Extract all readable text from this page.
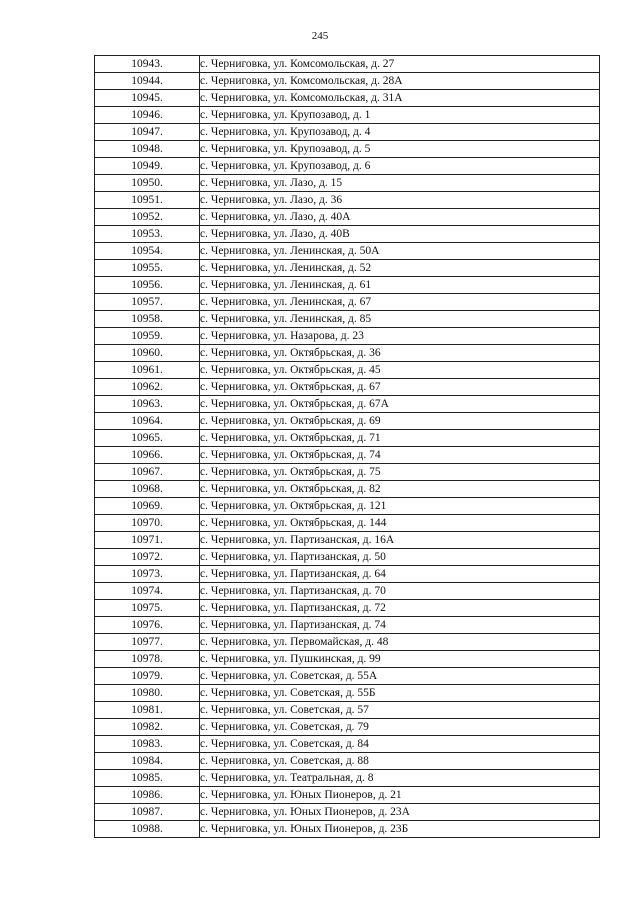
245
10943.	с. Черниговка, ул. Комсомольская, д. 27
10944.	с. Черниговка, ул. Комсомольская, д. 28А
10945.	с. Черниговка, ул. Комсомольская, д. 31А
10946.	с. Черниговка, ул. Крупозавод, д. 1
10947.	с. Черниговка, ул. Крупозавод, д. 4
10948.	с. Черниговка, ул. Крупозавод, д. 5
10949.	с. Черниговка, ул. Крупозавод, д. 6
10950.	с. Черниговка, ул. Лазо, д. 15
10951.	с. Черниговка, ул. Лазо, д. 36
10952.	с. Черниговка, ул. Лазо, д. 40А
10953.	с. Черниговка, ул. Лазо, д. 40В
10954.	с. Черниговка, ул. Ленинская, д. 50А
10955.	с. Черниговка, ул. Ленинская, д. 52
10956.	с. Черниговка, ул. Ленинская, д. 61
10957.	с. Черниговка, ул. Ленинская, д. 67
10958.	с. Черниговка, ул. Ленинская, д. 85
10959.	с. Черниговка, ул. Назарова, д. 23
10960.	с. Черниговка, ул. Октябрьская, д. 36
10961.	с. Черниговка, ул. Октябрьская, д. 45
10962.	с. Черниговка, ул. Октябрьская, д. 67
10963.	с. Черниговка, ул. Октябрьская, д. 67А
10964.	с. Черниговка, ул. Октябрьская, д. 69
10965.	с. Черниговка, ул. Октябрьская, д. 71
10966.	с. Черниговка, ул. Октябрьская, д. 74
10967.	с. Черниговка, ул. Октябрьская, д. 75
10968.	с. Черниговка, ул. Октябрьская, д. 82
10969.	с. Черниговка, ул. Октябрьская, д. 121
10970.	с. Черниговка, ул. Октябрьская, д. 144
10971.	с. Черниговка, ул. Партизанская, д. 16А
10972.	с. Черниговка, ул. Партизанская, д. 50
10973.	с. Черниговка, ул. Партизанская, д. 64
10974.	с. Черниговка, ул. Партизанская, д. 70
10975.	с. Черниговка, ул. Партизанская, д. 72
10976.	с. Черниговка, ул. Партизанская, д. 74
10977.	с. Черниговка, ул. Первомайская, д. 48
10978.	с. Черниговка, ул. Пушкинская, д. 99
10979.	с. Черниговка, ул. Советская, д. 55А
10980.	с. Черниговка, ул. Советская, д. 55Б
10981.	с. Черниговка, ул. Советская, д. 57
10982.	с. Черниговка, ул. Советская, д. 79
10983.	с. Черниговка, ул. Советская, д. 84
10984.	с. Черниговка, ул. Советская, д. 88
10985.	с. Черниговка, ул. Театральная, д. 8
10986.	с. Черниговка, ул. Юных Пионеров, д. 21
10987.	с. Черниговка, ул. Юных Пионеров, д. 23А
10988.	с. Черниговка, ул. Юных Пионеров, д. 23Б
